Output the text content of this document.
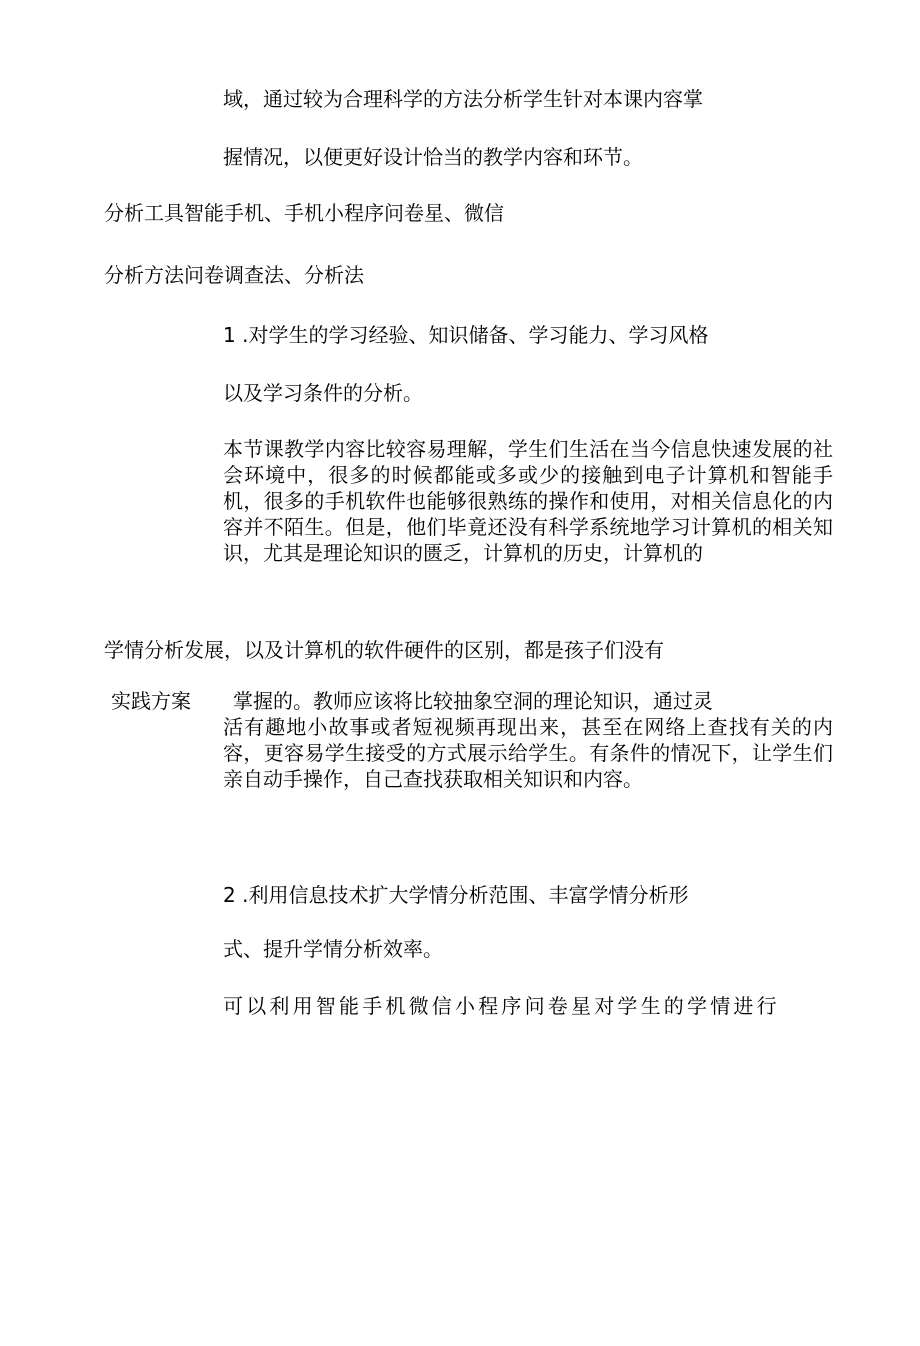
域，通过较为合理科学的方法分析学生针对本课内容掌

握情况，以便更好设计恰当的教学内容和环节。

分析工具智能手机、手机小程序问卷星、微信

分析方法问卷调查法、分析法

1 .对学生的学习经验、知识储备、学习能力、学习风格

以及学习条件的分析。

本节课教学内容比较容易理解，学生们生活在当今信息快速发展的社会环境中，很多的时候都能或多或少的接触到电子计算机和智能手机，很多的手机软件也能够很熟练的操作和使用，对相关信息化的内容并不陌生。但是，他们毕竟还没有科学系统地学习计算机的相关知识，尤其是理论知识的匮乏，计算机的历史，计算机的

学情分析发展，以及计算机的软件硬件的区别，都是孩子们没有

实践方案 掌握的。教师应该将比较抽象空洞的理论知识，通过灵

活有趣地小故事或者短视频再现出来，甚至在网络上查找有关的内容，更容易学生接受的方式展示给学生。有条件的情况下，让学生们亲自动手操作，自己查找获取相关知识和内容。

2 .利用信息技术扩大学情分析范围、丰富学情分析形

式、提升学情分析效率。

可以利用智能手机微信小程序问卷星对学生的学情进行
